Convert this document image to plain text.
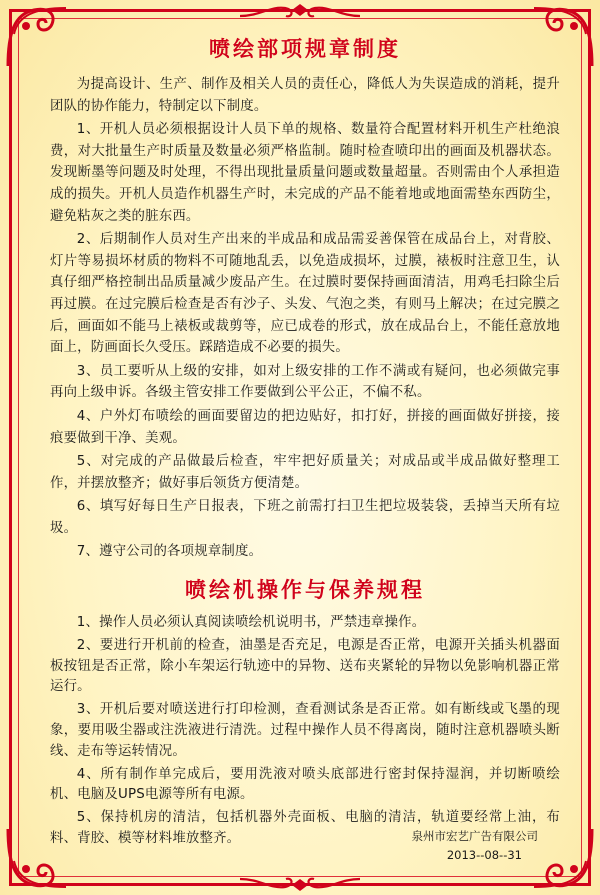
喷绘部项规章制度

为提高设计、生产、制作及相关人员的责任心，降低人为失误造成的消耗，提升团队的协作能力，特制定以下制度。

1、开机人员必须根据设计人员下单的规格、数量符合配置材料开机生产杜绝浪费，对大批量生产时质量及数量必须严格监制。随时检查喷印出的画面及机器状态。发现断墨等问题及时处理，不得出现批量质量问题或数量超量。否则需由个人承担造成的损失。开机人员造作机器生产时，未完成的产品不能着地或地面需垫东西防尘，避免粘灰之类的脏东西。

2、后期制作人员对生产出来的半成品和成品需妥善保管在成品台上，对背胶、灯片等易损坏材质的物料不可随地乱丢，以免造成损坏，过膜，裱板时注意卫生，认真仔细严格控制出品质量减少废品产生。在过膜时要保持画面清洁，用鸡毛扫除尘后再过膜。在过完膜后检查是否有沙子、头发、气泡之类，有则马上解决；在过完膜之后，画面如不能马上裱板或裁剪等，应已成卷的形式，放在成品台上，不能任意放地面上，防画面长久受压。踩踏造成不必要的损失。

3、员工要听从上级的安排，如对上级安排的工作不满或有疑问，也必须做完事再向上级申诉。各级主管安排工作要做到公平公正，不偏不私。

4、户外灯布喷绘的画面要留边的把边贴好，扣打好，拼接的画面做好拼接，接痕要做到干净、美观。

5、对完成的产品做最后检查，牢牢把好质量关；对成品或半成品做好整理工作，并摆放整齐；做好事后领货方便清楚。

6、填写好每日生产日报表，下班之前需打扫卫生把垃圾装袋，丢掉当天所有垃圾。

7、遵守公司的各项规章制度。

喷绘机操作与保养规程

1、操作人员必须认真阅读喷绘机说明书，严禁违章操作。

2、要进行开机前的检查，油墨是否充足，电源是否正常，电源开关插头机器面板按钮是否正常，除小车架运行轨迹中的异物、送布夹紧轮的异物以免影响机器正常运行。

3、开机后要对喷送进行打印检测，查看测试条是否正常。如有断线或飞墨的现象，要用吸尘器或注洗液进行清洗。过程中操作人员不得离岗，随时注意机器喷头断线、走布等运转情况。

4、所有制作单完成后，要用洗液对喷头底部进行密封保持湿润，并切断喷绘机、电脑及UPS电源等所有电源。

5、保持机房的清洁，包括机器外壳面板、电脑的清洁，轨道要经常上油，布料、背胶、模等材料堆放整齐。	泉州市宏艺广告有限公司
2013--08--31
